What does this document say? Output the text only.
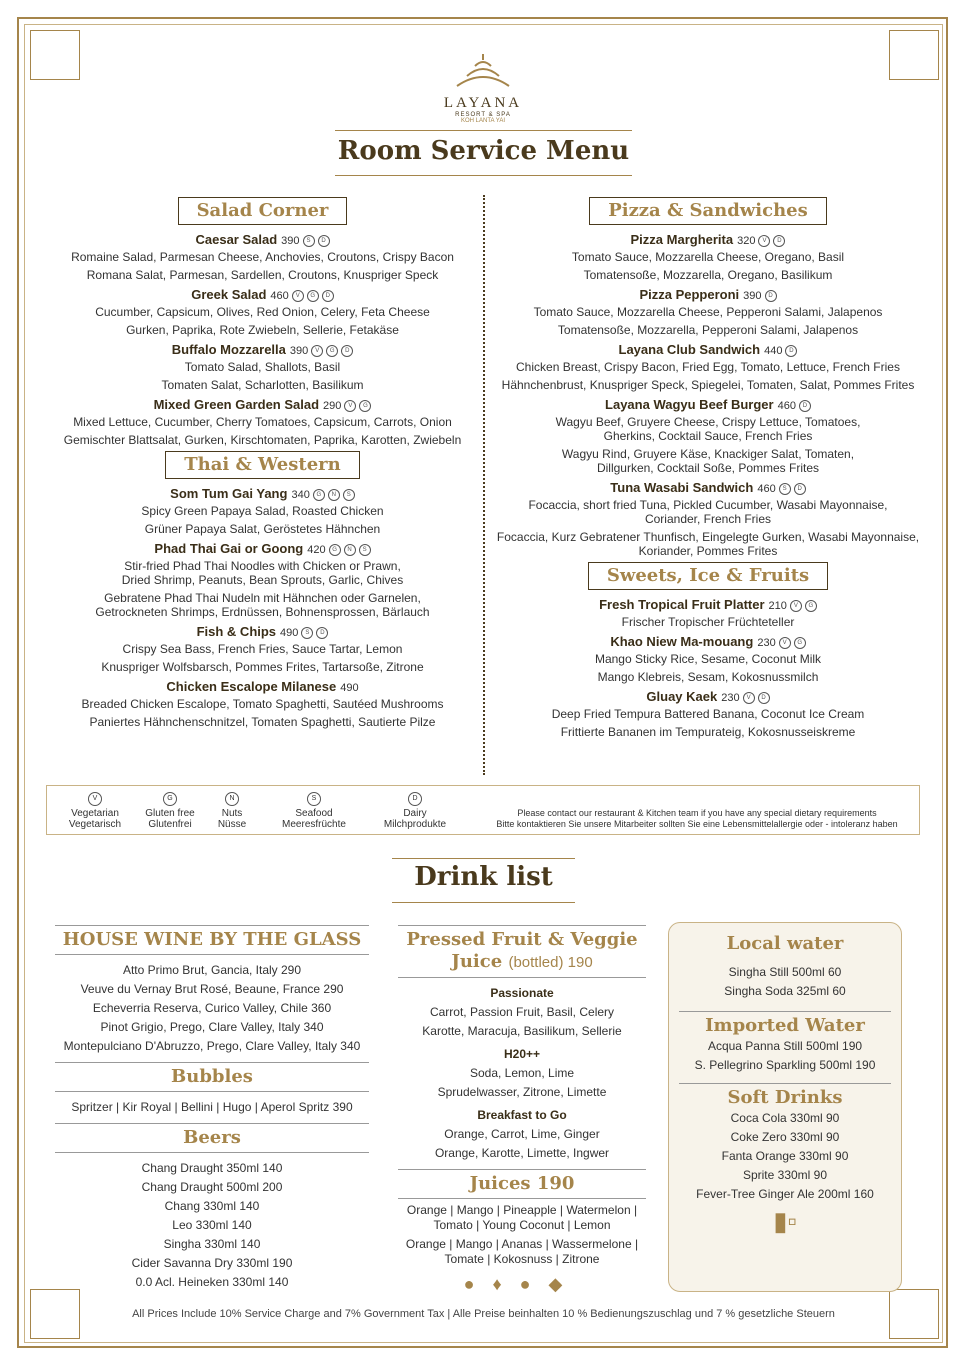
LAYANA
RESORT & SPA
KOH LANTA YAI
Room Service Menu
Salad Corner
Caesar Salad 390 S D
Romaine Salad, Parmesan Cheese, Anchovies, Croutons, Crispy Bacon
Romana Salat, Parmesan, Sardellen, Croutons, Knuspriger Speck
Greek Salad 460 V G D
Cucumber, Capsicum, Olives, Red Onion, Celery, Feta Cheese
Gurken, Paprika, Rote Zwiebeln, Sellerie, Fetakäse
Buffalo Mozzarella 390 V G D
Tomato Salad, Shallots, Basil
Tomaten Salat, Scharlotten, Basilikum
Mixed Green Garden Salad 290 V G
Mixed Lettuce, Cucumber, Cherry Tomatoes, Capsicum, Carrots, Onion
Gemischter Blattsalat, Gurken, Kirschtomaten, Paprika, Karotten, Zwiebeln
Thai & Western
Som Tum Gai Yang 340 G N S
Spicy Green Papaya Salad, Roasted Chicken
Grüner Papaya Salat, Geröstetes Hähnchen
Phad Thai Gai or Goong 420 G N S
Stir-fried Phad Thai Noodles with Chicken or Prawn,
Dried Shrimp, Peanuts, Bean Sprouts, Garlic, Chives
Gebratene Phad Thai Nudeln mit Hähnchen oder Garnelen,
Getrockneten Shrimps, Erdnüssen, Bohnensprossen, Bärlauch
Fish & Chips 490 S D
Crispy Sea Bass, French Fries, Sauce Tartar, Lemon
Knuspriger Wolfsbarsch, Pommes Frites, Tartarsoße, Zitrone
Chicken Escalope Milanese 490
Breaded Chicken Escalope, Tomato Spaghetti, Sautéed Mushrooms
Paniertes Hähnchenschnitzel, Tomaten Spaghetti, Sautierte Pilze
Pizza & Sandwiches
Pizza Margherita 320 V D
Tomato Sauce, Mozzarella Cheese, Oregano, Basil
Tomatensoße, Mozzarella, Oregano, Basilikum
Pizza Pepperoni 390 D
Tomato Sauce, Mozzarella Cheese, Pepperoni Salami, Jalapenos
Tomatensoße, Mozzarella, Pepperoni Salami, Jalapenos
Layana Club Sandwich 440 D
Chicken Breast, Crispy Bacon, Fried Egg, Tomato, Lettuce, French Fries
Hähnchenbrust, Knuspriger Speck, Spiegelei, Tomaten, Salat, Pommes Frites
Layana Wagyu Beef Burger 460 D
Wagyu Beef, Gruyere Cheese, Crispy Lettuce, Tomatoes,
Gherkins, Cocktail Sauce, French Fries
Wagyu Rind, Gruyere Käse, Knackiger Salat, Tomaten,
Dillgurken, Cocktail Soße, Pommes Frites
Tuna Wasabi Sandwich 460 S D
Focaccia, short fried Tuna, Pickled Cucumber, Wasabi Mayonnaise,
Coriander, French Fries
Focaccia, Kurz Gebratener Thunfisch, Eingelegte Gurken, Wasabi Mayonnaise,
Koriander, Pommes Frites
Sweets, Ice & Fruits
Fresh Tropical Fruit Platter 210 V G
Frischer Tropischer Früchteteller
Khao Niew Ma-mouang 230 V G
Mango Sticky Rice, Sesame, Coconut Milk
Mango Klebreis, Sesam, Kokosnussmilch
Gluay Kaek 230 V D
Deep Fried Tempura Battered Banana, Coconut Ice Cream
Frittierte Bananen im Tempurateig, Kokosnusseiskreme
V
Vegetarian
Vegetarisch
G
Gluten free
Glutenfrei
N
Nuts
Nüsse
S
Seafood
Meeresfrüchte
D
Dairy
Milchprodukte
Please contact our restaurant & Kitchen team if you have any special dietary requirements
Bitte kontaktieren Sie unsere Mitarbeiter sollten Sie eine Lebensmittelallergie oder - intoleranz haben
Drink list
HOUSE WINE BY THE GLASS
Atto Primo Brut, Gancia, Italy 290
Veuve du Vernay Brut Rosé, Beaune, France 290
Echeverria Reserva, Curico Valley, Chile 360
Pinot Grigio, Prego, Clare Valley, Italy 340
Montepulciano D'Abruzzo, Prego, Clare Valley, Italy 340
Bubbles
Spritzer | Kir Royal | Bellini | Hugo | Aperol Spritz 390
Beers
Chang Draught 350ml 140
Chang Draught 500ml 200
Chang 330ml 140
Leo 330ml 140
Singha 330ml 140
Cider Savanna Dry 330ml 190
0.0 Acl. Heineken 330ml 140
Pressed Fruit & Veggie
Juice (bottled) 190
Passionate
Carrot, Passion Fruit, Basil, Celery
Karotte, Maracuja, Basilikum, Sellerie
H20++
Soda, Lemon, Lime
Sprudelwasser, Zitrone, Limette
Breakfast to Go
Orange, Carrot, Lime, Ginger
Orange, Karotte, Limette, Ingwer
Juices 190
Orange | Mango | Pineapple | Watermelon |
Tomato | Young Coconut | Lemon
Orange | Mango | Ananas | Wassermelone |
Tomate | Kokosnuss | Zitrone
●♦●◆
Local water
Singha Still 500ml 60
Singha Soda 325ml 60
Imported Water
Acqua Panna Still 500ml 190
S. Pellegrino Sparkling 500ml 190
Soft Drinks
Coca Cola 330ml 90
Coke Zero 330ml 90
Fanta Orange 330ml 90
Sprite 330ml 90
Fever-Tree Ginger Ale 200ml 160
▮▫
All Prices Include 10% Service Charge and 7% Government Tax | Alle Preise beinhalten 10 % Bedienungszuschlag und 7 % gesetzliche Steuern
